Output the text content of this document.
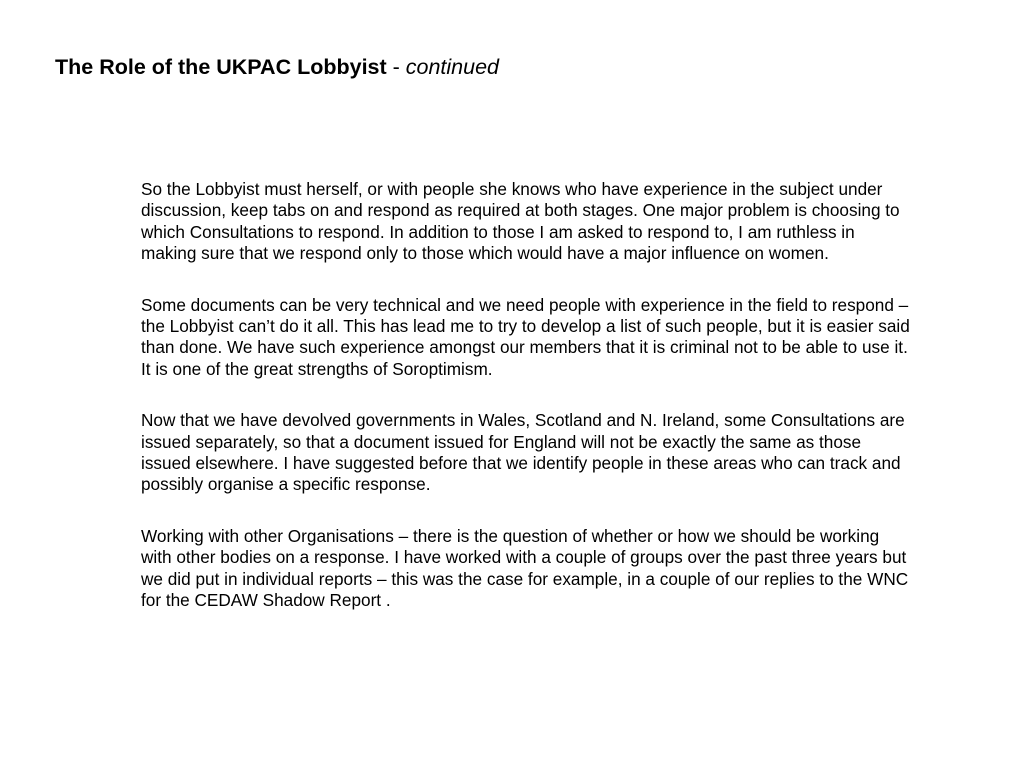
The Role of the UKPAC Lobbyist - continued

So the Lobbyist must herself, or with people she knows who have experience in the subject under discussion, keep tabs on and respond as required at both stages. One major problem is choosing to which Consultations to respond. In addition to those I am asked to respond to, I am ruthless in making sure that we respond only to those which would have a major influence on women.

Some documents can be very technical and we need people with experience in the field to respond – the Lobbyist can’t do it all. This has lead me to try to develop a list of such people, but it is easier said than done. We have such experience amongst our members that it is criminal not to be able to use it. It is one of the great strengths of Soroptimism.

Now that we have devolved governments in Wales, Scotland and N. Ireland, some Consultations are issued separately, so that a document issued for England will not be exactly the same as those issued elsewhere. I have suggested before that we identify people in these areas who can track and possibly organise a specific response.

Working with other Organisations – there is the question of whether or how we should be working with other bodies on a response. I have worked with a couple of groups over the past three years but we did put in individual reports – this was the case for example, in a couple of our replies to the WNC for the CEDAW Shadow Report .
